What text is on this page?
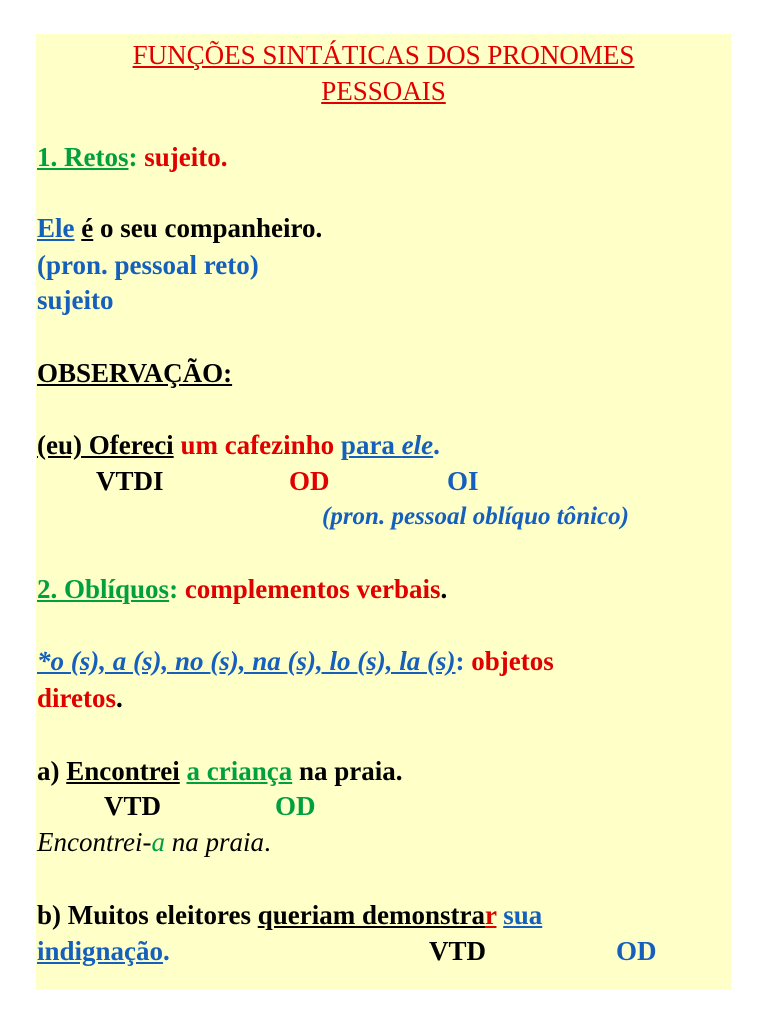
FUNÇÕES SINTÁTICAS DOS PRONOMES
PESSOAIS
1. Retos: sujeito.
Ele é o seu companheiro.
(pron. pessoal reto)
sujeito
OBSERVAÇÃO:
(eu) Ofereci um cafezinho para ele.
VTDI	OD	OI
(pron. pessoal oblíquo tônico)
2. Oblíquos: complementos verbais.
*o (s), a (s), no (s), na (s), lo (s), la (s): objetos
diretos.
a) Encontrei a criança na praia.
VTD	OD
Encontrei-a na praia.
b) Muitos eleitores queriam demonstrar sua
indignação.	VTD	OD
